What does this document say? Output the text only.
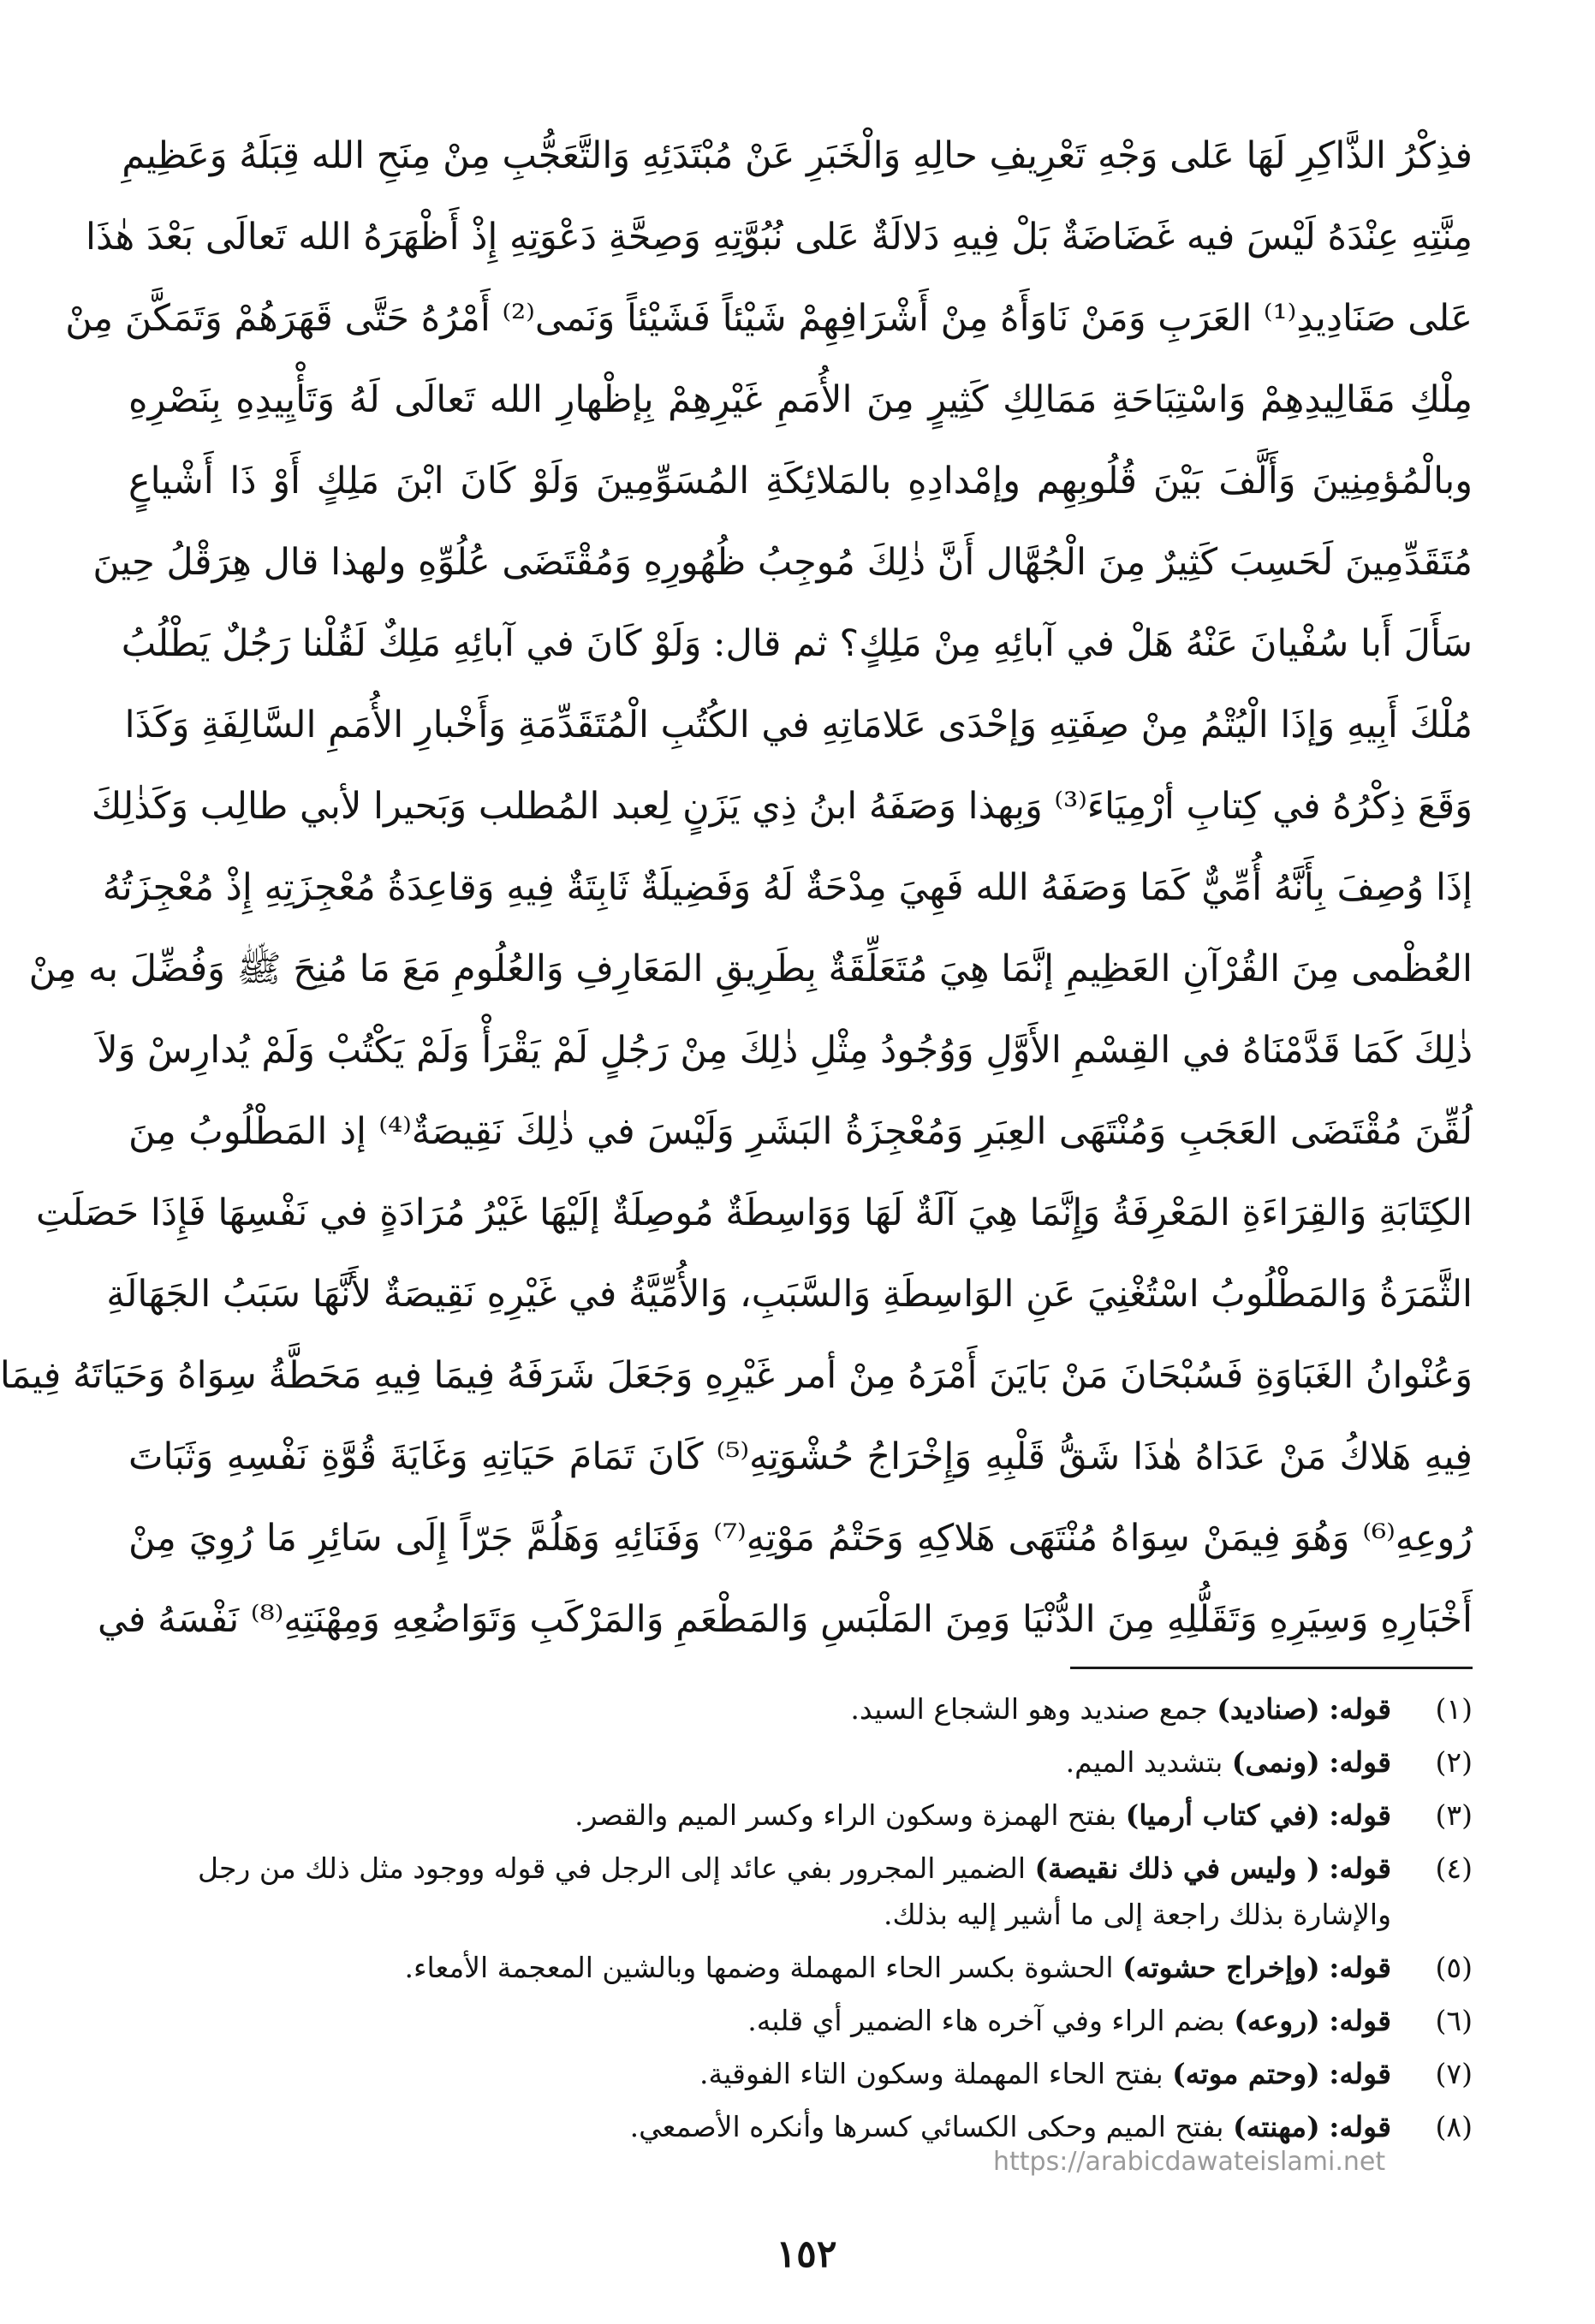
فذِكْرُ الذَّاكِرِ لَهَا عَلى وَجْهِ تَعْرِيفِ حالِهِ وَالْخَبَرِ عَنْ مُبْتَدَئِهِ وَالتَّعَجُّبِ مِنْ مِنَحِ الله قِبَلَهُ وَعَظِيمِ
مِنَّتِهِ عِنْدَهُ لَيْسَ فيه غَضَاضَةٌ بَلْ فِيهِ دَلالَةٌ عَلى نُبُوَّتِهِ وَصِحَّةِ دَعْوَتِهِ إِذْ أَظْهَرَهُ الله تَعالَى بَعْدَ هٰذَا
عَلى صَنَادِيدِ⁽¹⁾ العَرَبِ وَمَنْ نَاوَأَهُ مِنْ أَشْرَافِهِمْ شَيْئاً فَشَيْئاً وَنَمى⁽²⁾ أَمْرُهُ حَتَّى قَهَرَهُمْ وَتَمَكَّنَ مِنْ
مِلْكِ مَقَالِيدِهِمْ وَاسْتِبَاحَةِ مَمَالِكِ كَثِيرٍ مِنَ الأُمَمِ غَيْرِهِمْ بِإظْهارِ الله تَعالَى لَهُ وَتَأْيِيدِهِ بِنَصْرِهِ
وبالْمُؤمِنِينَ وَأَلَّفَ بَيْنَ قُلُوبِهِم وإمْدادِهِ بالمَلائِكَةِ المُسَوِّمِينَ وَلَوْ كَانَ ابْنَ مَلِكٍ أَوْ ذَا أَشْياعٍ
مُتَقَدِّمِينَ لَحَسِبَ كَثِيرٌ مِنَ الْجُهَّال أَنَّ ذٰلِكَ مُوجِبُ ظُهُورِهِ وَمُقْتَضَى عُلُوِّهِ ولهذا قال هِرَقْلُ حِينَ
سَأَلَ أَبا سُفْيانَ عَنْهُ هَلْ في آبائِهِ مِنْ مَلِكٍ؟ ثم قال: وَلَوْ كَانَ في آبائِهِ مَلِكٌ لَقُلْنا رَجُلٌ يَطْلُبُ
مُلْكَ أَبِيهِ وَإذَا الْيُتْمُ مِنْ صِفَتِهِ وَإحْدَى عَلامَاتِهِ في الكُتُبِ الْمُتَقَدِّمَةِ وَأَخْبارِ الأُمَمِ السَّالِفَةِ وَكَذَا
وَقَعَ ذِكْرُهُ في كِتابِ أرْمِيَاءَ⁽³⁾ وَبِهذا وَصَفَهُ ابنُ ذِي يَزَنٍ لِعبد المُطلب وَبَحيرا لأبي طالِب وَكَذٰلِكَ
إذَا وُصِفَ بِأَنَّهُ أُمِّيٌّ كَمَا وَصَفَهُ الله فَهِيَ مِدْحَةٌ لَهُ وَفَضِيلَةٌ ثَابِتَةٌ فِيهِ وَقاعِدَةُ مُعْجِزَتِهِ إِذْ مُعْجِزَتُهُ
العُظْمى مِنَ القُرْآنِ العَظِيمِ إنَّمَا هِيَ مُتَعَلِّقَةٌ بِطَرِيقِ المَعَارِفِ وَالعُلُومِ مَعَ مَا مُنِحَ ﷺ وَفُضِّلَ به مِنْ
ذٰلِكَ كَمَا قَدَّمْنَاهُ في القِسْمِ الأَوَّلِ وَوُجُودُ مِثْلِ ذٰلِكَ مِنْ رَجُلٍ لَمْ يَقْرَأْ وَلَمْ يَكْتُبْ وَلَمْ يُدارِسْ وَلاَ
لُقِّنَ مُقْتَضَى العَجَبِ وَمُنْتَهَى العِبَرِ وَمُعْجِزَةُ البَشَرِ وَلَيْسَ في ذٰلِكَ نَقِيصَةٌ⁽⁴⁾ إذ المَطْلُوبُ مِنَ
الكِتَابَةِ وَالقِرَاءَةِ المَعْرِفَةُ وَإِنَّمَا هِيَ آلَةٌ لَهَا وَوَاسِطَةٌ مُوصِلَةٌ إلَيْهَا غَيْرُ مُرَادَةٍ في نَفْسِهَا فَإِذَا حَصَلَتِ
الثَّمَرَةُ وَالمَطْلُوبُ اسْتُغْنِيَ عَنِ الوَاسِطَةِ وَالسَّبَبِ، وَالأُمِّيَّةُ في غَيْرِهِ نَقِيصَةٌ لأَنَّهَا سَبَبُ الجَهَالَةِ
وَعُنْوانُ الغَبَاوَةِ فَسُبْحَانَ مَنْ بَايَنَ أَمْرَهُ مِنْ أمر غَيْرِهِ وَجَعَلَ شَرَفَهُ فِيمَا فِيهِ مَحَطَّةُ سِوَاهُ وَحَيَاتَهُ فِيمَا
فِيهِ هَلاكُ مَنْ عَدَاهُ هٰذَا شَقُّ قَلْبِهِ وَإِخْرَاجُ حُشْوَتِهِ⁽⁵⁾ كَانَ تَمَامَ حَيَاتِهِ وَغَايَةَ قُوَّةِ نَفْسِهِ وَثَبَاتَ
رُوعِهِ⁽⁶⁾ وَهُوَ فِيمَنْ سِوَاهُ مُنْتَهَى هَلاكِهِ وَحَتْمُ مَوْتِهِ⁽⁷⁾ وَفَنَائِهِ وَهَلُمَّ جَرّاً إِلَى سَائِرِ مَا رُوِيَ مِنْ
أَخْبَارِهِ وَسِيَرِهِ وَتَقَلُّلِهِ مِنَ الدُّنْيَا وَمِنَ المَلْبَسِ وَالمَطْعَمِ وَالمَرْكَبِ وَتَوَاضُعِهِ وَمِهْنَتِهِ⁽⁸⁾ نَفْسَهُ في
(١)
قوله: (صناديد) جمع صنديد وهو الشجاع السيد.
(٢)
قوله: (ونمى) بتشديد الميم.
(٣)
قوله: (في كتاب أرميا) بفتح الهمزة وسكون الراء وكسر الميم والقصر.
(٤)
قوله: ( وليس في ذلك نقيصة) الضمير المجرور بفي عائد إلى الرجل في قوله ووجود مثل ذلك من رجل والإشارة بذلك راجعة إلى ما أشير إليه بذلك.
(٥)
قوله: (وإخراج حشوته) الحشوة بكسر الحاء المهملة وضمها وبالشين المعجمة الأمعاء.
(٦)
قوله: (روعه) بضم الراء وفي آخره هاء الضمير أي قلبه.
(٧)
قوله: (وحتم موته) بفتح الحاء المهملة وسكون التاء الفوقية.
(٨)
قوله: (مهنته) بفتح الميم وحكى الكسائي كسرها وأنكره الأصمعي.
https://arabicdawateislami.net
١٥٢
